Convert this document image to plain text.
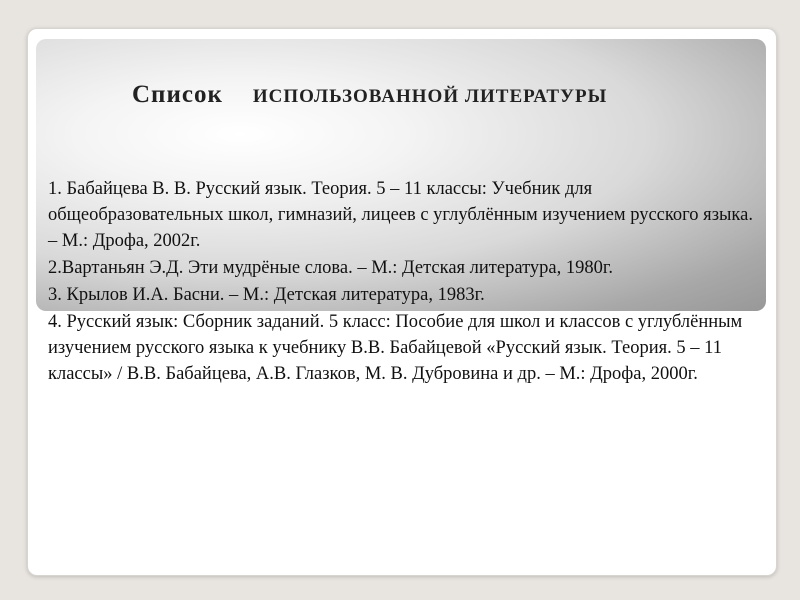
Список ИСПОЛЬЗОВАННОЙ ЛИТЕРАТУРЫ
1. Бабайцева В. В. Русский язык. Теория. 5 – 11 классы: Учебник для общеобразовательных школ, гимназий, лицеев с углублённым изучением русского языка. – М.: Дрофа, 2002г.
2.Вартаньян Э.Д. Эти мудрёные слова. – М.: Детская литература, 1980г.
3. Крылов И.А. Басни. – М.: Детская литература, 1983г.
4. Русский язык: Сборник заданий. 5 класс: Пособие для школ и классов с углублённым изучением русского языка к учебнику В.В. Бабайцевой «Русский язык. Теория. 5 – 11 классы» / В.В. Бабайцева, А.В. Глазков, М. В. Дубровина и др. – М.: Дрофа, 2000г.
